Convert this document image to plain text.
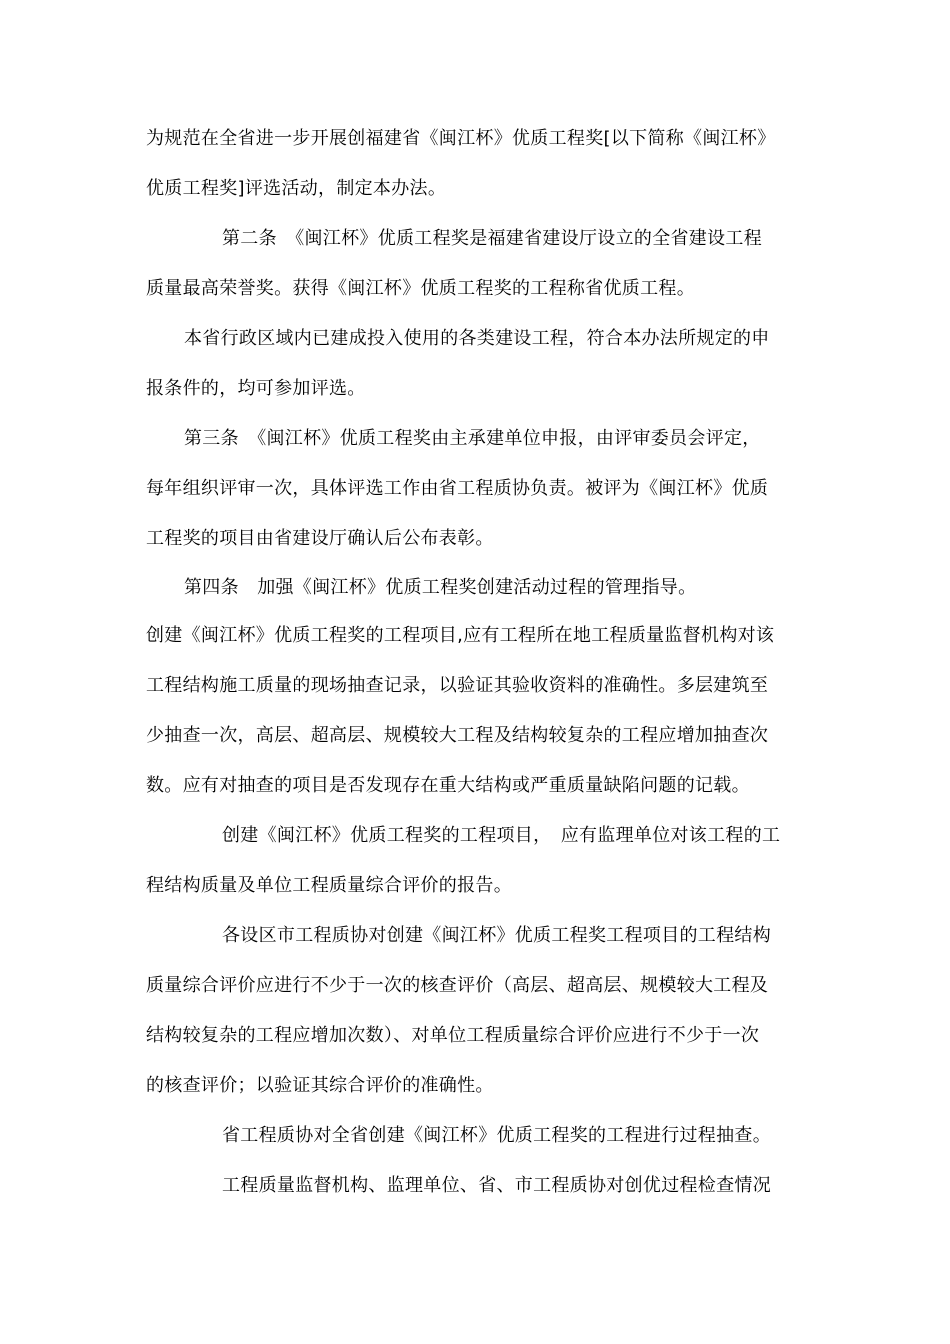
为规范在全省进一步开展创福建省《闽江杯》优质工程奖[以下简称《闽江杯》
优质工程奖]评选活动，制定本办法。
第二条　《闽江杯》优质工程奖是福建省建设厅设立的全省建设工程
质量最高荣誉奖。获得《闽江杯》优质工程奖的工程称省优质工程。
本省行政区域内已建成投入使用的各类建设工程，符合本办法所规定的申
报条件的，均可参加评选。
第三条　《闽江杯》优质工程奖由主承建单位申报，由评审委员会评定，
每年组织评审一次，具体评选工作由省工程质协负责。被评为《闽江杯》优质
工程奖的项目由省建设厅确认后公布表彰。
第四条　加强《闽江杯》优质工程奖创建活动过程的管理指导。
创建《闽江杯》优质工程奖的工程项目,应有工程所在地工程质量监督机构对该
工程结构施工质量的现场抽查记录，以验证其验收资料的准确性。多层建筑至
少抽查一次，高层、超高层、规模较大工程及结构较复杂的工程应增加抽查次
数。应有对抽查的项目是否发现存在重大结构或严重质量缺陷问题的记载。
创建《闽江杯》优质工程奖的工程项目，　应有监理单位对该工程的工
程结构质量及单位工程质量综合评价的报告。
各设区市工程质协对创建《闽江杯》优质工程奖工程项目的工程结构
质量综合评价应进行不少于一次的核查评价（高层、超高层、规模较大工程及
结构较复杂的工程应增加次数）、对单位工程质量综合评价应进行不少于一次
的核查评价；以验证其综合评价的准确性。
省工程质协对全省创建《闽江杯》优质工程奖的工程进行过程抽查。
工程质量监督机构、监理单位、省、市工程质协对创优过程检查情况
